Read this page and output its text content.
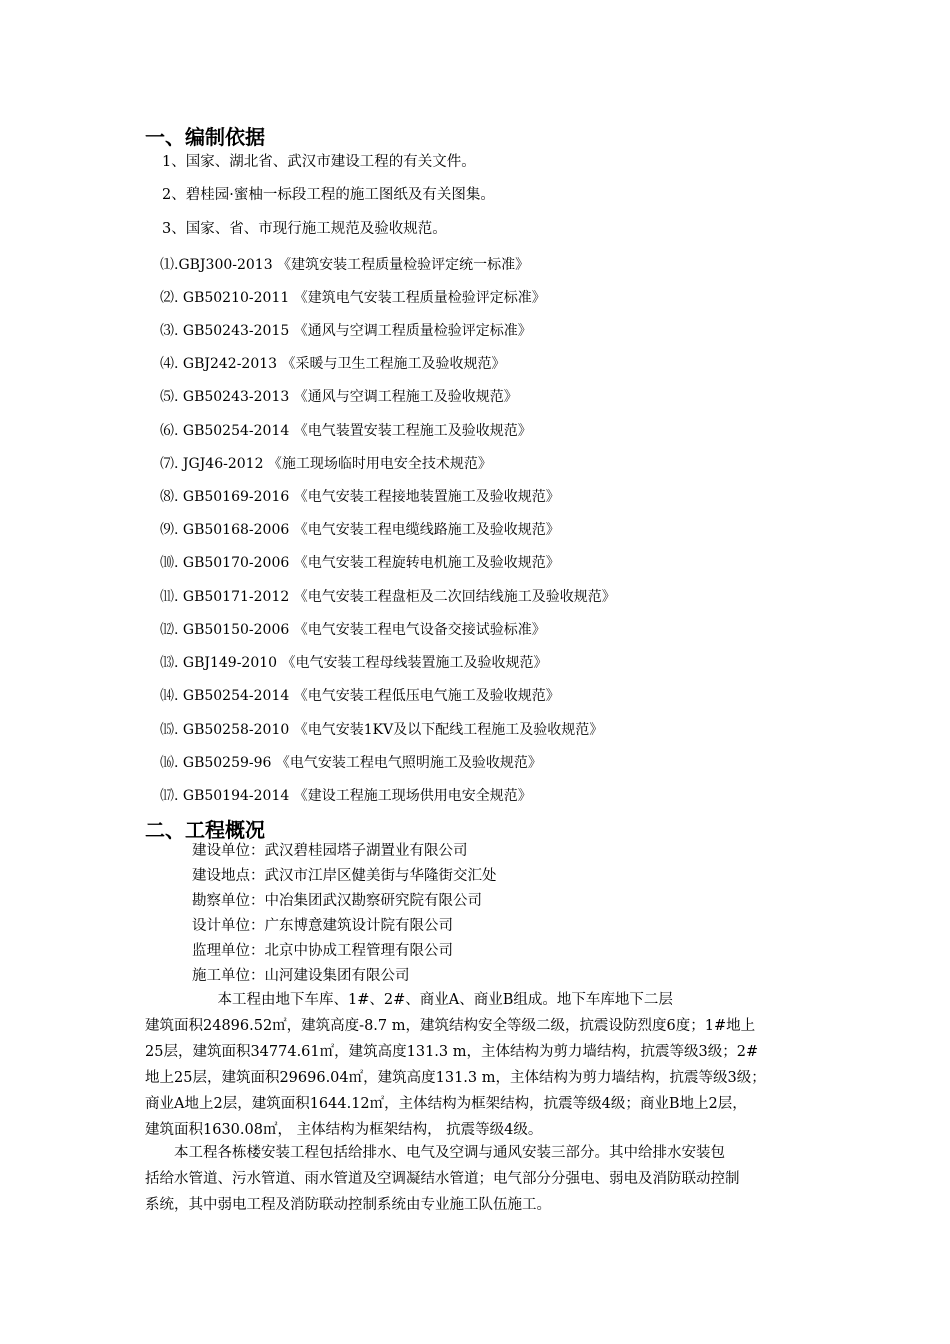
一、编制依据
1、国家、湖北省、武汉市建设工程的有关文件。
2、碧桂园·蜜柚一标段工程的施工图纸及有关图集。
3、国家、省、市现行施工规范及验收规范。
⑴.GBJ300-2013 《建筑安装工程质量检验评定统一标准》
⑵. GB50210-2011 《建筑电气安装工程质量检验评定标准》
⑶. GB50243-2015 《通风与空调工程质量检验评定标准》
⑷. GBJ242-2013 《采暖与卫生工程施工及验收规范》
⑸. GB50243-2013 《通风与空调工程施工及验收规范》
⑹. GB50254-2014 《电气装置安装工程施工及验收规范》
⑺. JGJ46-2012 《施工现场临时用电安全技术规范》
⑻. GB50169-2016 《电气安装工程接地装置施工及验收规范》
⑼. GB50168-2006 《电气安装工程电缆线路施工及验收规范》
⑽. GB50170-2006 《电气安装工程旋转电机施工及验收规范》
⑾. GB50171-2012 《电气安装工程盘柜及二次回结线施工及验收规范》
⑿. GB50150-2006 《电气安装工程电气设备交接试验标准》
⒀. GBJ149-2010 《电气安装工程母线装置施工及验收规范》
⒁. GB50254-2014 《电气安装工程低压电气施工及验收规范》
⒂. GB50258-2010 《电气安装1KV及以下配线工程施工及验收规范》
⒃. GB50259-96 《电气安装工程电气照明施工及验收规范》
⒄. GB50194-2014 《建设工程施工现场供用电安全规范》
二、工程概况
建设单位：武汉碧桂园塔子湖置业有限公司
建设地点：武汉市江岸区健美街与华隆街交汇处
勘察单位：中冶集团武汉勘察研究院有限公司
设计单位：广东博意建筑设计院有限公司
监理单位：北京中协成工程管理有限公司
施工单位：山河建设集团有限公司
　　　　　本工程由地下车库、1#、2#、商业A、商业B组成。地下车库地下二层
建筑面积24896.52㎡，建筑高度-8.7 m，建筑结构安全等级二级，抗震设防烈度6度；1#地上
25层，建筑面积34774.61㎡，建筑高度131.3 m，主体结构为剪力墙结构，抗震等级3级；2#
地上25层，建筑面积29696.04㎡，建筑高度131.3 m，主体结构为剪力墙结构，抗震等级3级；
商业A地上2层，建筑面积1644.12㎡，主体结构为框架结构，抗震等级4级；商业B地上2层，
建筑面积1630.08㎡， 主体结构为框架结构， 抗震等级4级。
　　本工程各栋楼安装工程包括给排水、电气及空调与通风安装三部分。其中给排水安装包
括给水管道、污水管道、雨水管道及空调凝结水管道；电气部分分强电、弱电及消防联动控制
系统，其中弱电工程及消防联动控制系统由专业施工队伍施工。
